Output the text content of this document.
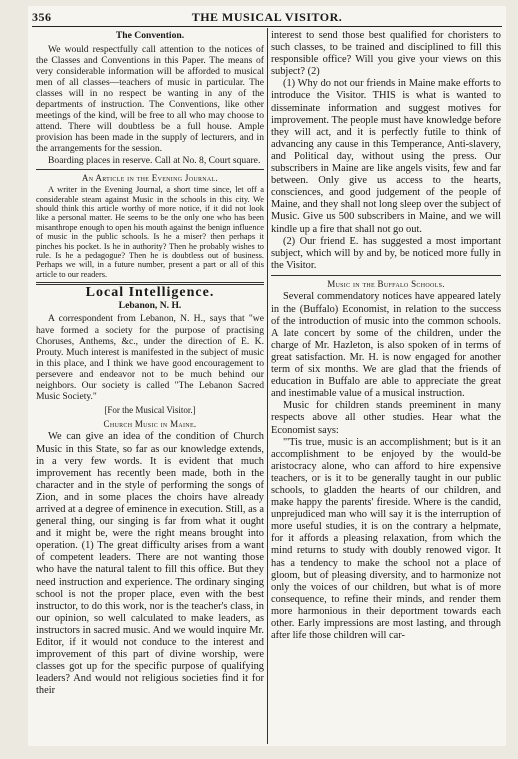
356	THE MUSICAL VISITOR.
The Convention.

We would respectfully call attention to the notices of the Classes and Conventions in this Paper. The means of very considerable information will be afforded to musical men of all classes—teachers of music in particular. The classes will in no respect be wanting in any of the departments of instruction. The Conventions, like other meetings of the kind, will be free to all who may choose to attend. There will doubtless be a full house. Ample provision has been made in the supply of lecturers, and in the arrangements for the session.

Boarding places in reserve. Call at No. 8, Court square.

An Article in the Evening Journal.

A writer in the Evening Journal, a short time since, let off a considerable steam against Music in the schools in this city. We should think this article worthy of more notice, if it did not look like a personal matter. He seems to be the only one who has been misanthrope enough to open his mouth against the benign influence of music in the public schools. Is he a miser? then perhaps it pinches his pocket. Is he in authority? Then he probably wishes to rule. Is he a pedagogue? Then he is doubtless out of business. Perhaps we will, in a future number, present a part or all of this article to our readers.

Local Intelligence.
Lebanon, N. H.

A correspondent from Lebanon, N. H., says that "we have formed a society for the purpose of practising Choruses, Anthems, &c., under the direction of E. K. Prouty. Much interest is manifested in the subject of music in this place, and I think we have good encouragement to persevere and endeavor not to be much behind our neighbors. Our society is called "The Lebanon Sacred Music Society."

[For the Musical Visitor.]
Church Music in Maine.

We can give an idea of the condition of Church Music in this State, so far as our knowledge extends, in a very few words. It is evident that much improvement has recently been made, both in the character and in the style of performing the songs of Zion, and in some places the choirs have already arrived at a degree of eminence in execution. Still, as a general thing, our singing is far from what it ought and it might be, were the right means brought into operation. (1) The great difficulty arises from a want of competent leaders. There are not wanting those who have the natural talent to fill this office. But they need instruction and experience. The ordinary singing school is not the proper place, even with the best instructor, to do this work, nor is the teacher's class, in our opinion, so well calculated to make leaders, as instructors in sacred music. And we would inquire Mr. Editor, if it would not conduce to the interest and improvement of this part of divine worship, were classes got up for the specific purpose of qualifying leaders? And would not religious societies find it for their

interest to send those best qualified for choristers to such classes, to be trained and disciplined to fill this responsible office? Will you give your views on this subject? (2)

(1) Why do not our friends in Maine make efforts to introduce the Visitor. THIS is what is wanted to disseminate information and suggest motives for improvement. The people must have knowledge before they will act, and it is perfectly futile to think of advancing any cause in this Temperance, Anti-slavery, and Political day, without using the press. Our subscribers in Maine are like angels visits, few and far between. Only give us access to the hearts, consciences, and good judgement of the people of Maine, and they shall not long sleep over the subject of Music. Give us 500 subscribers in Maine, and we will kindle up a fire that shall not go out.

(2) Our friend E. has suggested a most important subject, which will by and by, be noticed more fully in the Visitor.

Music in the Buffalo Schools.

Several commendatory notices have appeared lately in the (Buffalo) Economist, in relation to the success of the introduction of music into the common schools. A late concert by some of the children, under the charge of Mr. Hazleton, is also spoken of in terms of great satisfaction. Mr. H. is now engaged for another term of six months. We are glad that the friends of education in Buffalo are able to appreciate the great and inestimable value of a musical instruction.

Music for children stands preeminent in many respects above all other studies. Hear what the Economist says:

"'Tis true, music is an accomplishment; but is it an accomplishment to be enjoyed by the would-be aristocracy alone, who can afford to hire expensive teachers, or is it to be generally taught in our public schools, to gladden the hearts of our children, and make happy the parents' fireside. Where is the candid, unprejudiced man who will say it is the interruption of more useful studies, it is on the contrary a helpmate, for it affords a pleasing relaxation, from which the mind returns to study with doubly renowed vigor. It has a tendency to make the school not a place of gloom, but of pleasing diversity, and to harmonize not only the voices of our children, but what is of more consequence, to refine their minds, and render them more harmonious in their deportment towards each other. Early impressions are most lasting, and through after life those children will car-
